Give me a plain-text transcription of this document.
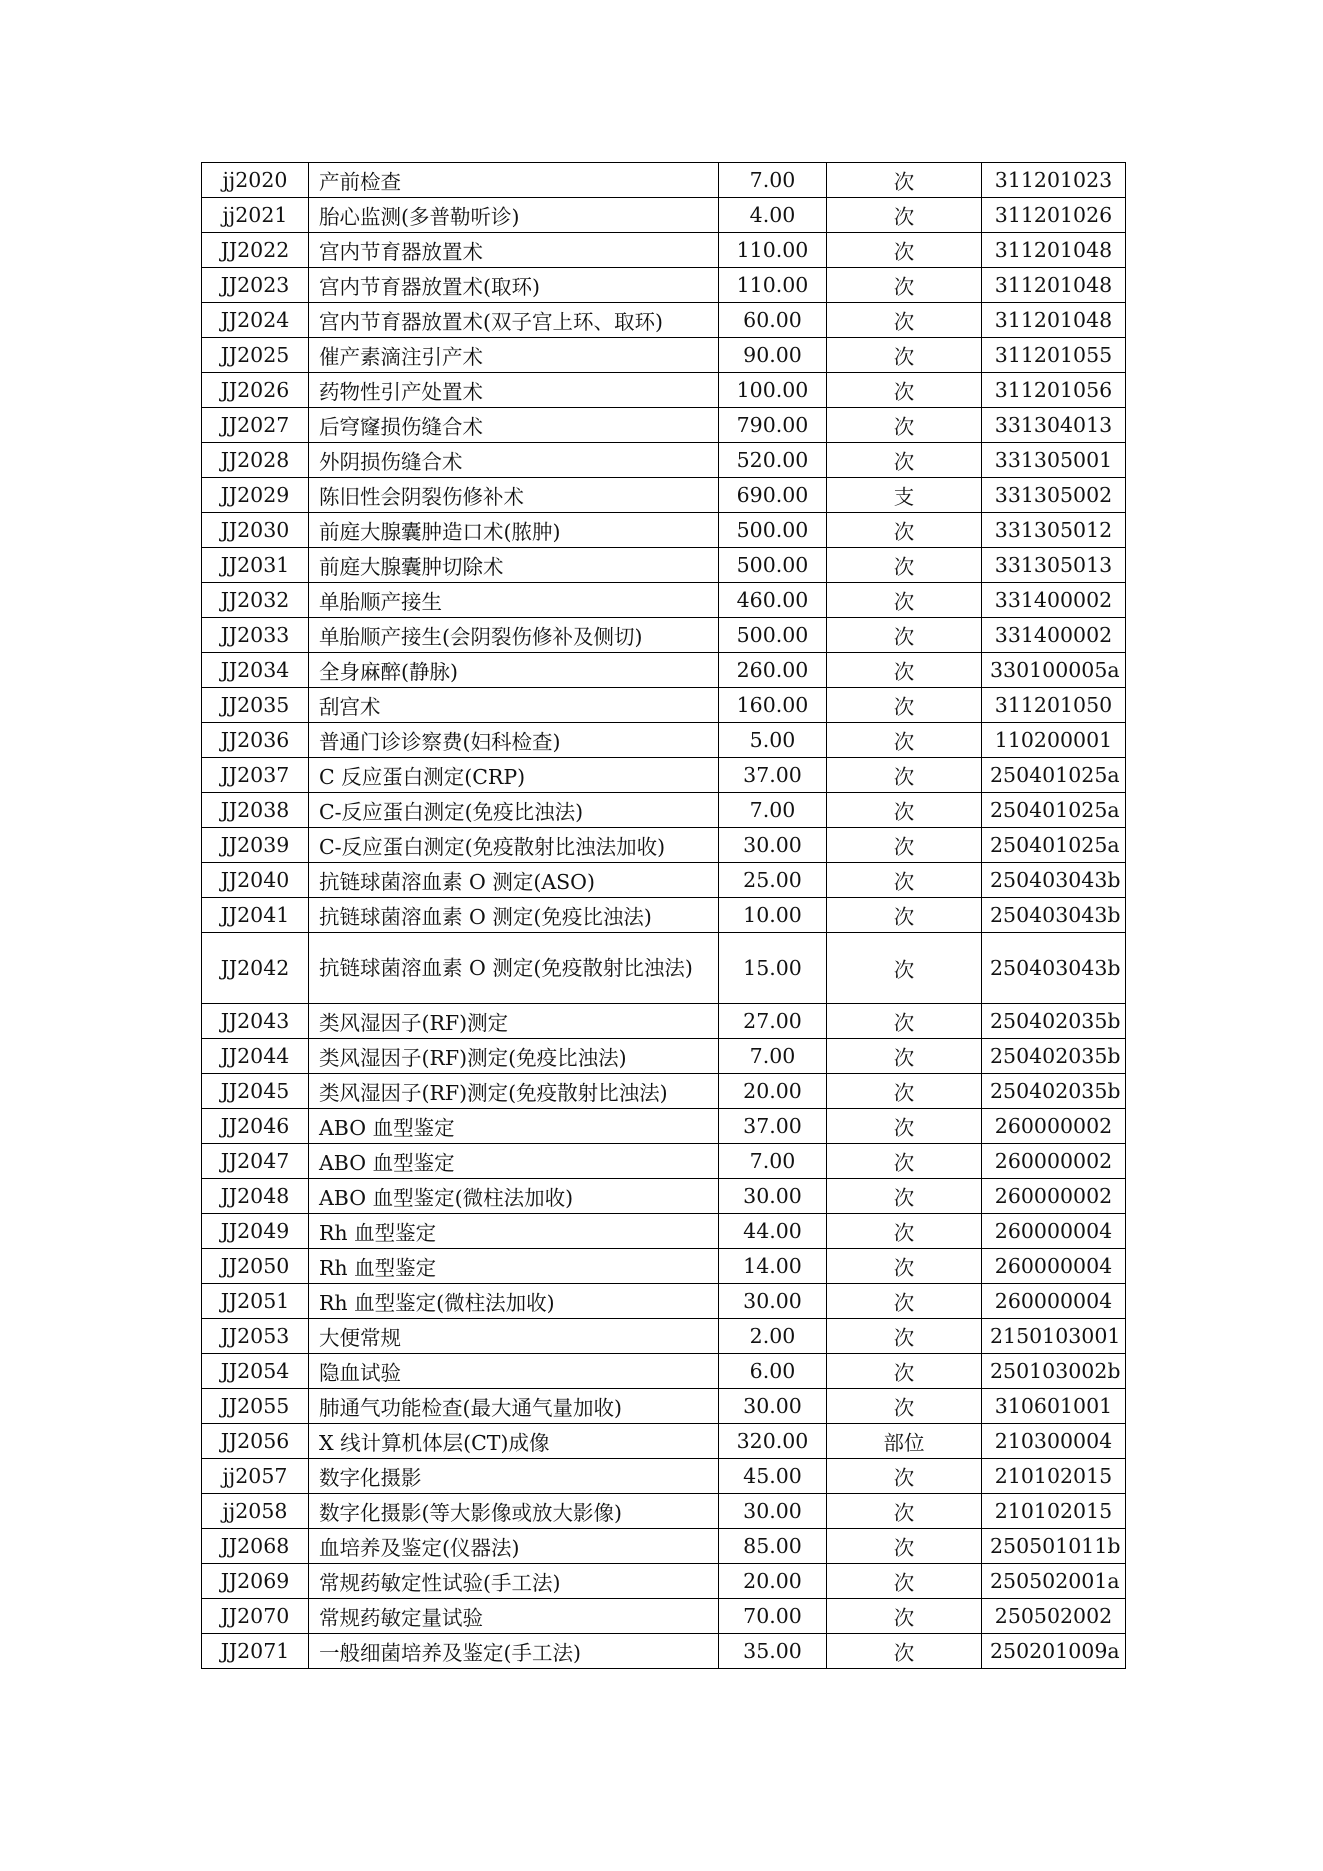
jj2020	产前检查	7.00	次	311201023
jj2021	胎心监测(多普勒听诊)	4.00	次	311201026
JJ2022	宫内节育器放置术	110.00	次	311201048
JJ2023	宫内节育器放置术(取环)	110.00	次	311201048
JJ2024	宫内节育器放置术(双子宫上环、取环)	60.00	次	311201048
JJ2025	催产素滴注引产术	90.00	次	311201055
JJ2026	药物性引产处置术	100.00	次	311201056
JJ2027	后穹窿损伤缝合术	790.00	次	331304013
JJ2028	外阴损伤缝合术	520.00	次	331305001
JJ2029	陈旧性会阴裂伤修补术	690.00	支	331305002
JJ2030	前庭大腺囊肿造口术(脓肿)	500.00	次	331305012
JJ2031	前庭大腺囊肿切除术	500.00	次	331305013
JJ2032	单胎顺产接生	460.00	次	331400002
JJ2033	单胎顺产接生(会阴裂伤修补及侧切)	500.00	次	331400002
JJ2034	全身麻醉(静脉)	260.00	次	330100005a
JJ2035	刮宫术	160.00	次	311201050
JJ2036	普通门诊诊察费(妇科检查)	5.00	次	110200001
JJ2037	C 反应蛋白测定(CRP)	37.00	次	250401025a
JJ2038	C-反应蛋白测定(免疫比浊法)	7.00	次	250401025a
JJ2039	C-反应蛋白测定(免疫散射比浊法加收)	30.00	次	250401025a
JJ2040	抗链球菌溶血素 O 测定(ASO)	25.00	次	250403043b
JJ2041	抗链球菌溶血素 O 测定(免疫比浊法)	10.00	次	250403043b
JJ2042	抗链球菌溶血素 O 测定(免疫散射比浊法)	15.00	次	250403043b
JJ2043	类风湿因子(RF)测定	27.00	次	250402035b
JJ2044	类风湿因子(RF)测定(免疫比浊法)	7.00	次	250402035b
JJ2045	类风湿因子(RF)测定(免疫散射比浊法)	20.00	次	250402035b
JJ2046	ABO 血型鉴定	37.00	次	260000002
JJ2047	ABO 血型鉴定	7.00	次	260000002
JJ2048	ABO 血型鉴定(微柱法加收)	30.00	次	260000002
JJ2049	Rh 血型鉴定	44.00	次	260000004
JJ2050	Rh 血型鉴定	14.00	次	260000004
JJ2051	Rh 血型鉴定(微柱法加收)	30.00	次	260000004
JJ2053	大便常规	2.00	次	2150103001
JJ2054	隐血试验	6.00	次	250103002b
JJ2055	肺通气功能检查(最大通气量加收)	30.00	次	310601001
JJ2056	X 线计算机体层(CT)成像	320.00	部位	210300004
jj2057	数字化摄影	45.00	次	210102015
jj2058	数字化摄影(等大影像或放大影像)	30.00	次	210102015
JJ2068	血培养及鉴定(仪器法)	85.00	次	250501011b
JJ2069	常规药敏定性试验(手工法)	20.00	次	250502001a
JJ2070	常规药敏定量试验	70.00	次	250502002
JJ2071	一般细菌培养及鉴定(手工法)	35.00	次	250201009a
